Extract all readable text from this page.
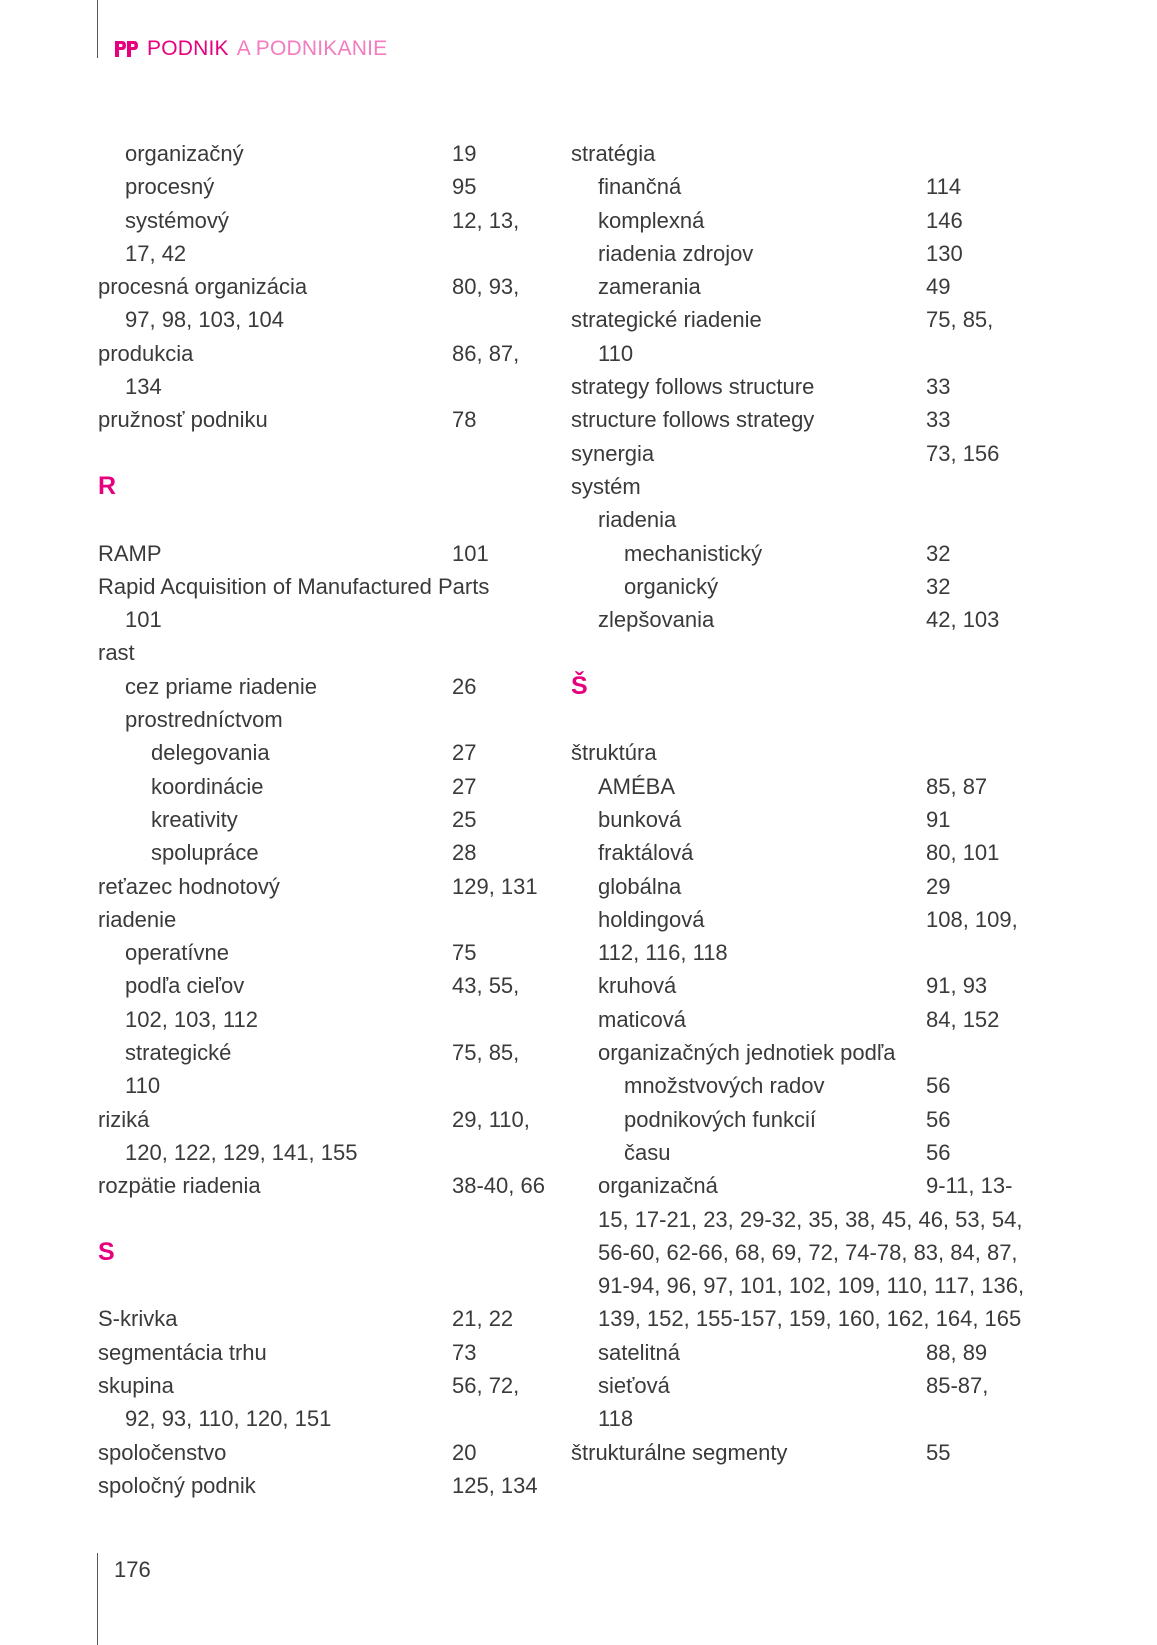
PODNIK A PODNIKANIE
organizačný	19
procesný	95
systémový	12, 13,
17, 42
procesná organizácia	80, 93,
97, 98, 103, 104
produkcia	86, 87,
134
pružnosť podniku	78
R
RAMP	101
Rapid Acquisition of Manufactured Parts
101
rast
cez priame riadenie	26
prostredníctvom
delegovania	27
koordinácie	27
kreativity	25
spolupráce	28
reťazec hodnotový	129, 131
riadenie
operatívne	75
podľa cieľov	43, 55,
102, 103, 112
strategické	75, 85,
110
riziká	29, 110,
120, 122, 129, 141, 155
rozpätie riadenia	38-40, 66
S
S-krivka	21, 22
segmentácia trhu	73
skupina	56, 72,
92, 93, 110, 120, 151
spoločenstvo	20
spoločný podnik	125, 134
stratégia
finančná	114
komplexná	146
riadenia zdrojov	130
zamerania	49
strategické riadenie	75, 85,
110
strategy follows structure	33
structure follows strategy	33
synergia	73, 156
systém
riadenia
mechanistický	32
organický	32
zlepšovania	42, 103
Š
štruktúra
AMÉBA	85, 87
bunková	91
fraktálová	80, 101
globálna	29
holdingová	108, 109,
112, 116, 118
kruhová	91, 93
maticová	84, 152
organizačných jednotiek podľa
množstvových radov	56
podnikových funkcií	56
času	56
organizačná	9-11, 13-
15, 17-21, 23, 29-32, 35, 38, 45, 46, 53, 54,
56-60, 62-66, 68, 69, 72, 74-78, 83, 84, 87,
91-94, 96, 97, 101, 102, 109, 110, 117, 136,
139, 152, 155-157, 159, 160, 162, 164, 165
satelitná	88, 89
sieťová	85-87,
118
štrukturálne segmenty	55
176
